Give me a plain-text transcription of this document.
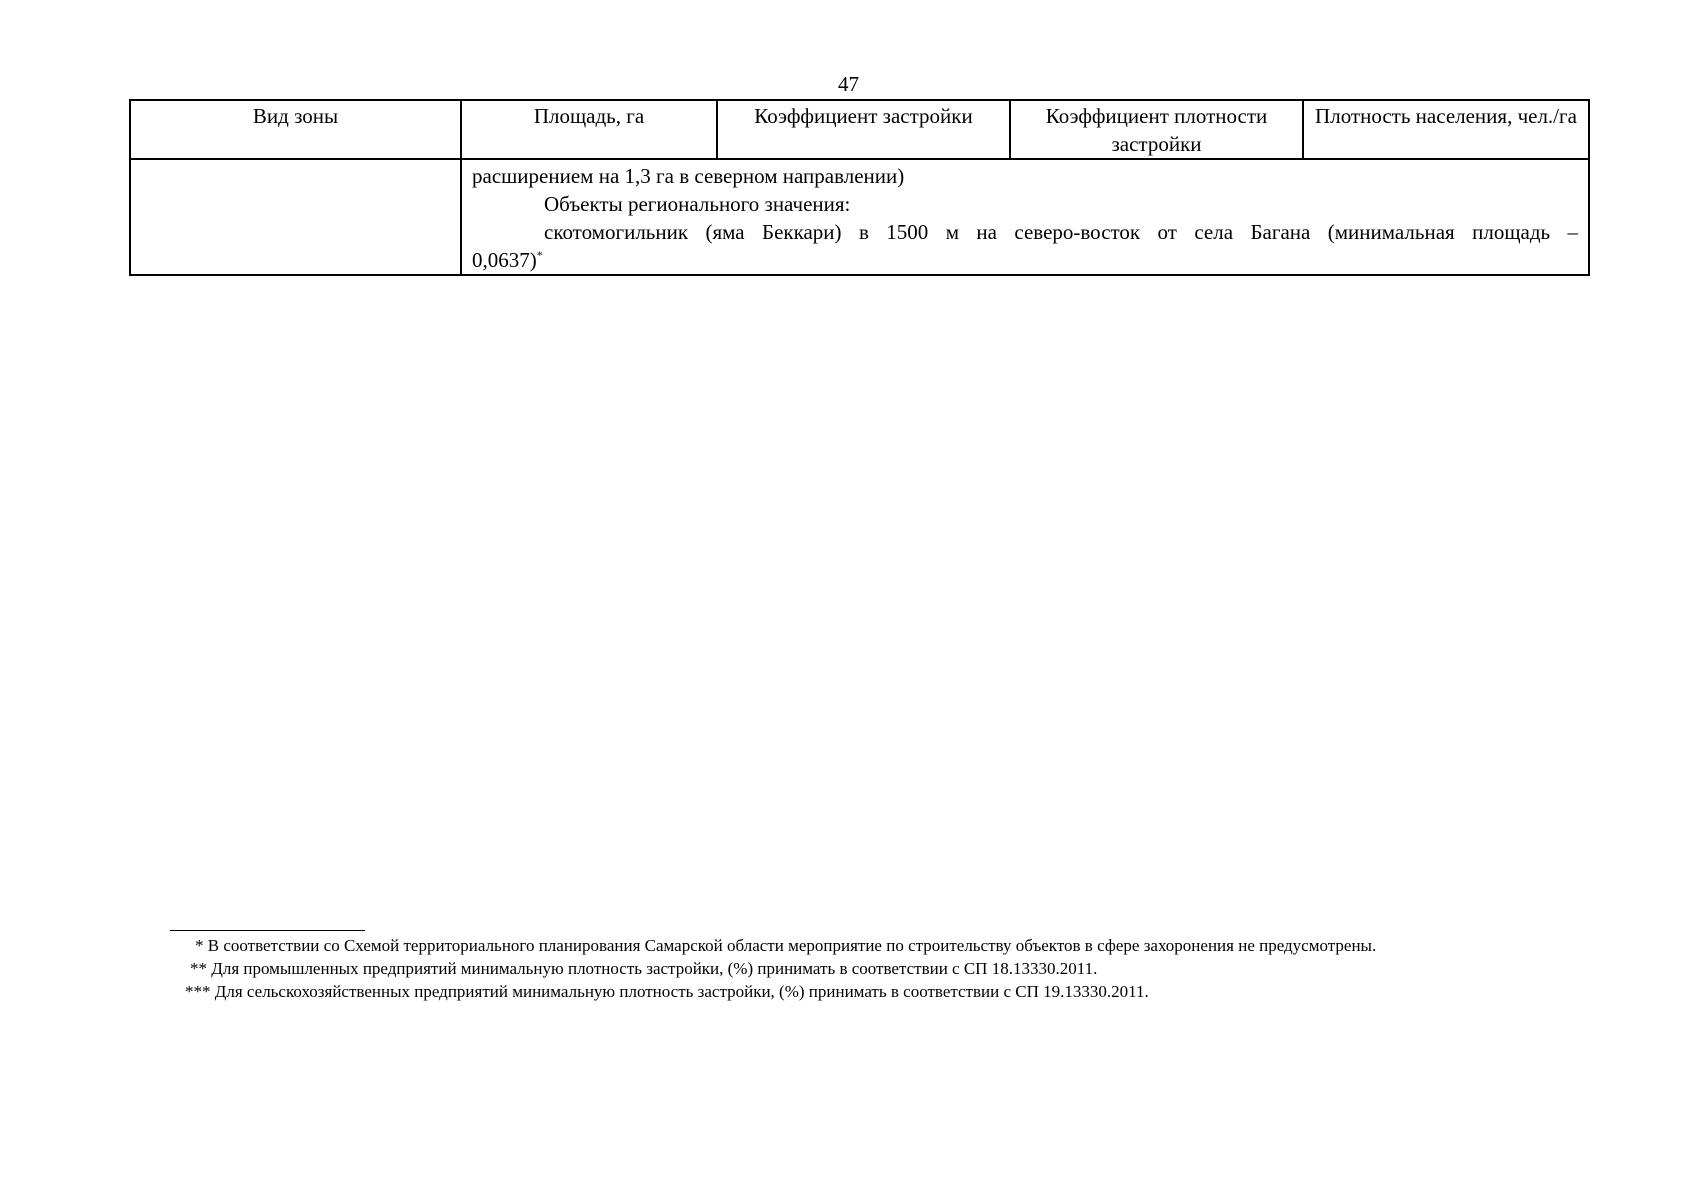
47
Вид зоны	Площадь, га	Коэффициент застройки	Коэффициент плотности застройки	Плотность населения, чел./га

	расширением на 1,3 га в северном направлении)
Объекты регионального значения:
скотомогильник (яма Беккари) в 1500 м на северо-восток от села Багана (минимальная площадь –
0,0637)*
* В соответствии со Схемой территориального планирования Самарской области мероприятие по строительству объектов в сфере захоронения не предусмотрены.
** Для промышленных предприятий минимальную плотность застройки, (%) принимать в соответствии с СП 18.13330.2011.
*** Для сельскохозяйственных предприятий минимальную плотность застройки, (%) принимать в соответствии с СП 19.13330.2011.
